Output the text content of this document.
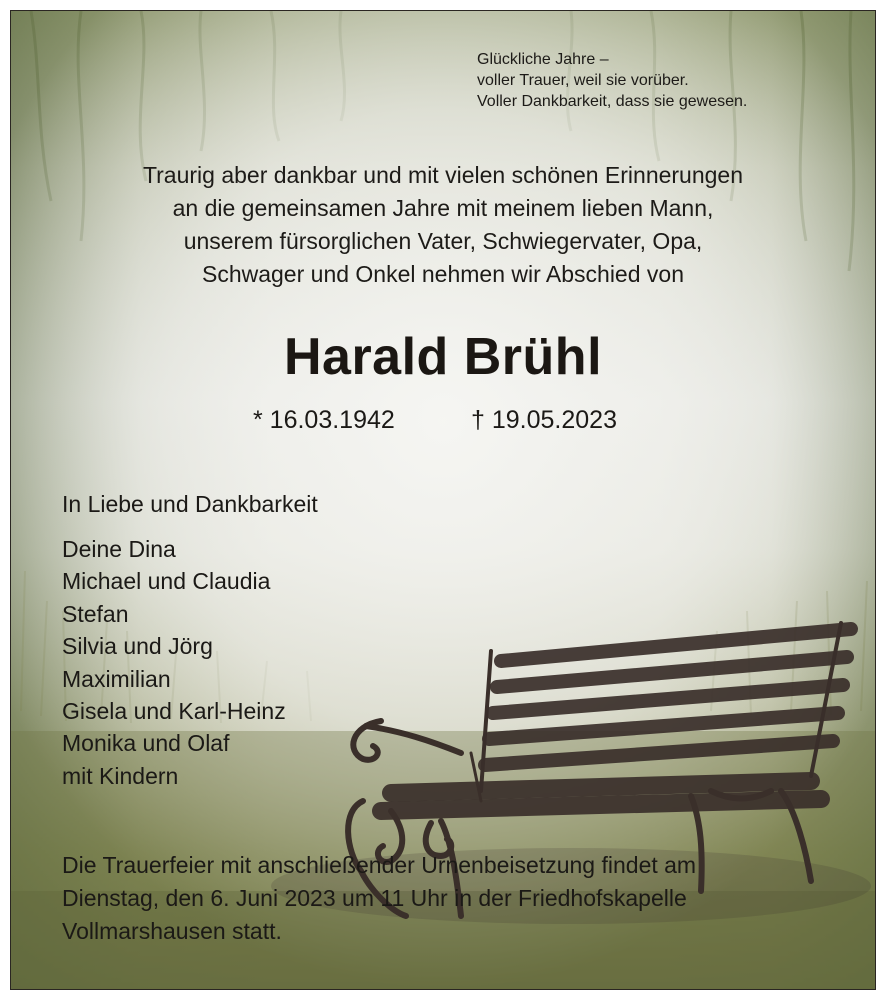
Glückliche Jahre –
voller Trauer, weil sie vorüber.
Voller Dankbarkeit, dass sie gewesen.
Traurig aber dankbar und mit vielen schönen Erinnerungen
an die gemeinsamen Jahre mit meinem lieben Mann,
unserem fürsorglichen Vater, Schwiegervater, Opa,
Schwager und Onkel nehmen wir Abschied von
Harald Brühl
* 16.03.1942	† 19.05.2023
In Liebe und Dankbarkeit
Deine Dina
Michael und Claudia
Stefan
Silvia und Jörg
Maximilian
Gisela und Karl-Heinz
Monika und Olaf
mit Kindern
Die Trauerfeier mit anschließender Urnenbeisetzung findet am
Dienstag, den 6. Juni 2023 um 11 Uhr in der Friedhofskapelle
Vollmarshausen statt.
